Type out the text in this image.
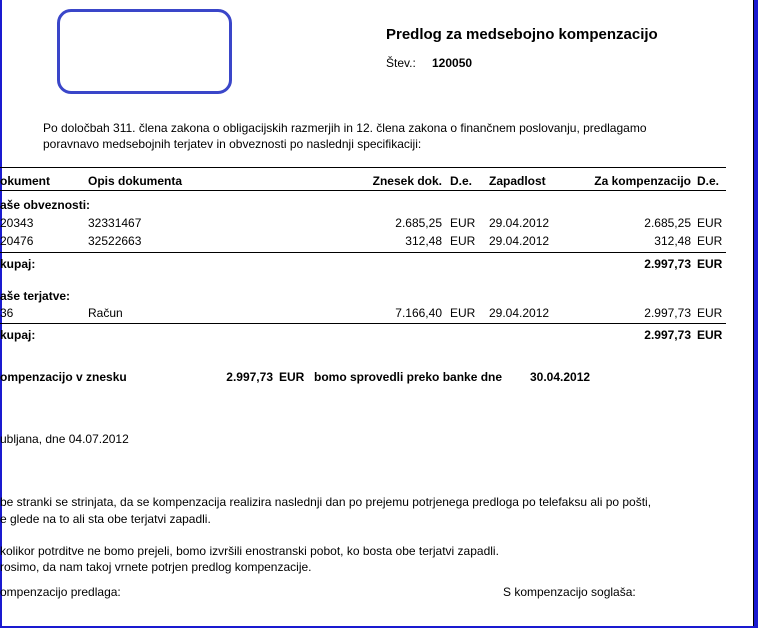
Predlog za medsebojno kompenzacijo
Štev.: 120050
Po določbah 311. člena zakona o obligacijskih razmerjih in 12. člena zakona o finančnem poslovanju, predlagamo
poravnavo medsebojnih terjatev in obveznosti po naslednji specifikaciji:
okument	Opis dokumenta	Znesek dok. D.e. Zapadlost	Za kompenzacijo D.e.
aše obveznosti:
20343	32331467	2.685,25 EUR 29.04.2012	2.685,25 EUR
20476	32522663	312,48 EUR 29.04.2012	312,48 EUR
kupaj:	2.997,73 EUR
aše terjatve:
36	Račun	7.166,40 EUR 29.04.2012	2.997,73 EUR
kupaj:	2.997,73 EUR
ompenzacijo v znesku	2.997,73 EUR bomo sprovedli preko banke dne 30.04.2012
ubljana, dne 04.07.2012
be stranki se strinjata, da se kompenzacija realizira naslednji dan po prejemu potrjenega predloga po telefaksu ali po pošti,
e glede na to ali sta obe terjatvi zapadli.
kolikor potrditve ne bomo prejeli, bomo izvršili enostranski pobot, ko bosta obe terjatvi zapadli.
rosimo, da nam takoj vrnete potrjen predlog kompenzacije.
ompenzacijo predlaga:	S kompenzacijo soglaša:
